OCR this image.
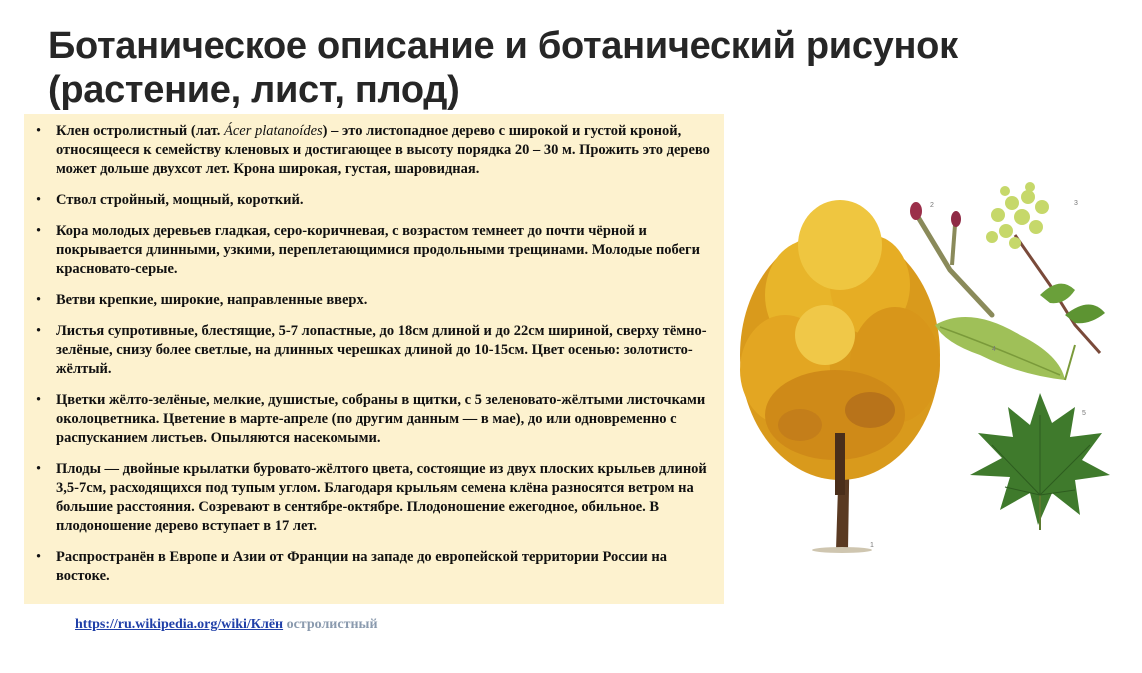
Ботаническое описание и ботанический рисунок
(растение, лист, плод)
• Клен остролистный (лат. Ácer platanoídes) – это листопадное дерево с широкой и густой кроной, относящееся к семейству кленовых и достигающее в высоту порядка 20 – 30 м. Прожить это дерево может дольше двухсот лет. Крона широкая, густая, шаровидная.
• Ствол стройный, мощный, короткий.
• Кора молодых деревьев гладкая, серо-коричневая, с возрастом темнеет до почти чёрной и покрывается длинными, узкими, переплетающимися продольными трещинами. Молодые побеги красновато-серые.
• Ветви крепкие, широкие, направленные вверх.
• Листья супротивные, блестящие, 5-7 лопастные, до 18см длиной и до 22см шириной, сверху тёмно-зелёные, снизу более светлые, на длинных черешках длиной до 10-15см. Цвет осенью: золотисто-жёлтый.
• Цветки жёлто-зелёные, мелкие, душистые, собраны в щитки, с 5 зеленовато-жёлтыми листочками околоцветника. Цветение в марте-апреле (по другим данным — в мае), до или одновременно с распусканием листьев. Опыляются насекомыми.
• Плоды — двойные крылатки буровато-жёлтого цвета, состоящие из двух плоских крыльев длиной 3,5-7см, расходящихся под тупым углом. Благодаря крыльям семена клёна разносятся ветром на большие расстояния. Созревают в сентябре-октябре. Плодоношение ежегодное, обильное. В плодоношение дерево вступает в 17 лет.
• Распространён в Европе и Азии от Франции на западе до европейской территории России на востоке.
https://ru.wikipedia.org/wiki/Клён остролистный
1
2	3
4
5
